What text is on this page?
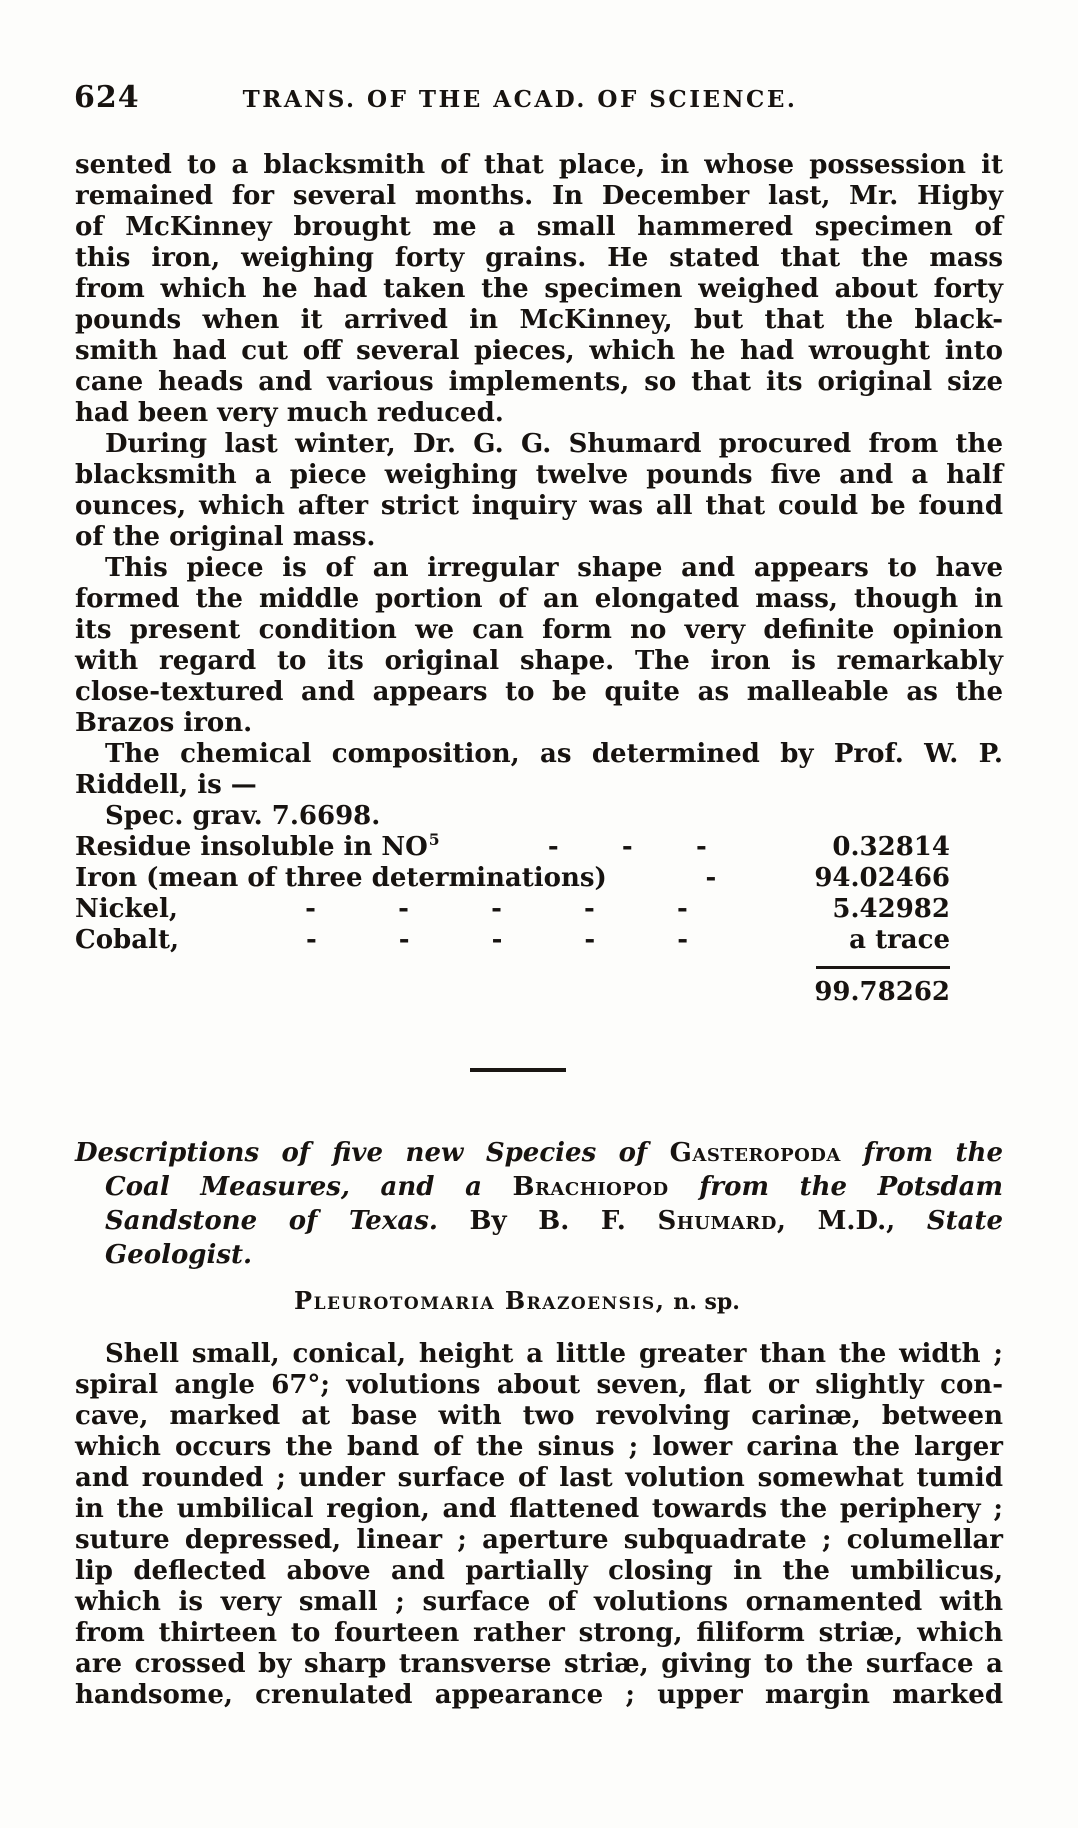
624	TRANS. OF THE ACAD. OF SCIENCE.
sented to a blacksmith of that place, in whose possession it
remained for several months. In December last, Mr. Higby
of McKinney brought me a small hammered specimen of
this iron, weighing forty grains. He stated that the mass
from which he had taken the specimen weighed about forty
pounds when it arrived in McKinney, but that the black-
smith had cut off several pieces, which he had wrought into
cane heads and various implements, so that its original size
had been very much reduced.
During last winter, Dr. G. G. Shumard procured from the
blacksmith a piece weighing twelve pounds five and a half
ounces, which after strict inquiry was all that could be found
of the original mass.
This piece is of an irregular shape and appears to have
formed the middle portion of an elongated mass, though in
its present condition we can form no very definite opinion
with regard to its original shape. The iron is remarkably
close-textured and appears to be quite as malleable as the
Brazos iron.
The chemical composition, as determined by Prof. W. P.
Riddell, is —
Spec. grav. 7.6698.
Residue insoluble in $NO^5$	- - -	0.32814
Iron (mean of three determinations)	-	94.02466
Nickel,	-	-	-	-	-	5.42982
Cobalt,	-	-	-	-	-	a trace
99.78262
Descriptions of five new Species of Gasteropoda from the
Coal Measures, and a Brachiopod from the Potsdam
Sandstone of Texas. By B. F. Shumard, M.D., State
Geologist.
Pleurotomaria Brazoensis, n. sp.
Shell small, conical, height a little greater than the width ;
spiral angle 67°; volutions about seven, flat or slightly con-
cave, marked at base with two revolving carinæ, between
which occurs the band of the sinus ; lower carina the larger
and rounded ; under surface of last volution somewhat tumid
in the umbilical region, and flattened towards the periphery ;
suture depressed, linear ; aperture subquadrate ; columellar
lip deflected above and partially closing in the umbilicus,
which is very small ; surface of volutions ornamented with
from thirteen to fourteen rather strong, filiform striæ, which
are crossed by sharp transverse striæ, giving to the surface a
handsome, crenulated appearance ; upper margin marked
